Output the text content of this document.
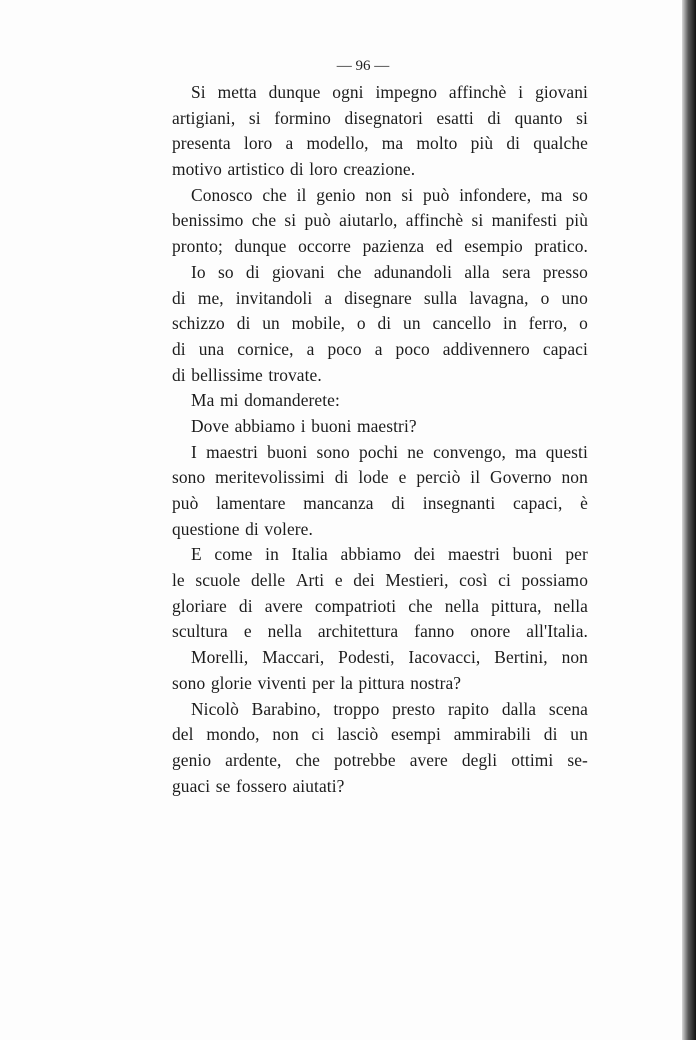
— 96 —
Si metta dunque ogni impegno affinchè i giovani
artigiani, si formino disegnatori esatti di quanto si
presenta loro a modello, ma molto più di qualche
motivo artistico di loro creazione.
Conosco che il genio non si può infondere, ma so
benissimo che si può aiutarlo, affinchè si manifesti più
pronto; dunque occorre pazienza ed esempio pratico.
Io so di giovani che adunandoli alla sera presso
di me, invitandoli a disegnare sulla lavagna, o uno
schizzo di un mobile, o di un cancello in ferro, o
di una cornice, a poco a poco addivennero capaci
di bellissime trovate.
Ma mi domanderete:
Dove abbiamo i buoni maestri?
I maestri buoni sono pochi ne convengo, ma questi
sono meritevolissimi di lode e perciò il Governo non
può lamentare mancanza di insegnanti capaci, è
questione di volere.
E come in Italia abbiamo dei maestri buoni per
le scuole delle Arti e dei Mestieri, così ci possiamo
gloriare di avere compatrioti che nella pittura, nella
scultura e nella architettura fanno onore all'Italia.
Morelli, Maccari, Podesti, Iacovacci, Bertini, non
sono glorie viventi per la pittura nostra?
Nicolò Barabino, troppo presto rapito dalla scena
del mondo, non ci lasciò esempi ammirabili di un
genio ardente, che potrebbe avere degli ottimi se-
guaci se fossero aiutati?
